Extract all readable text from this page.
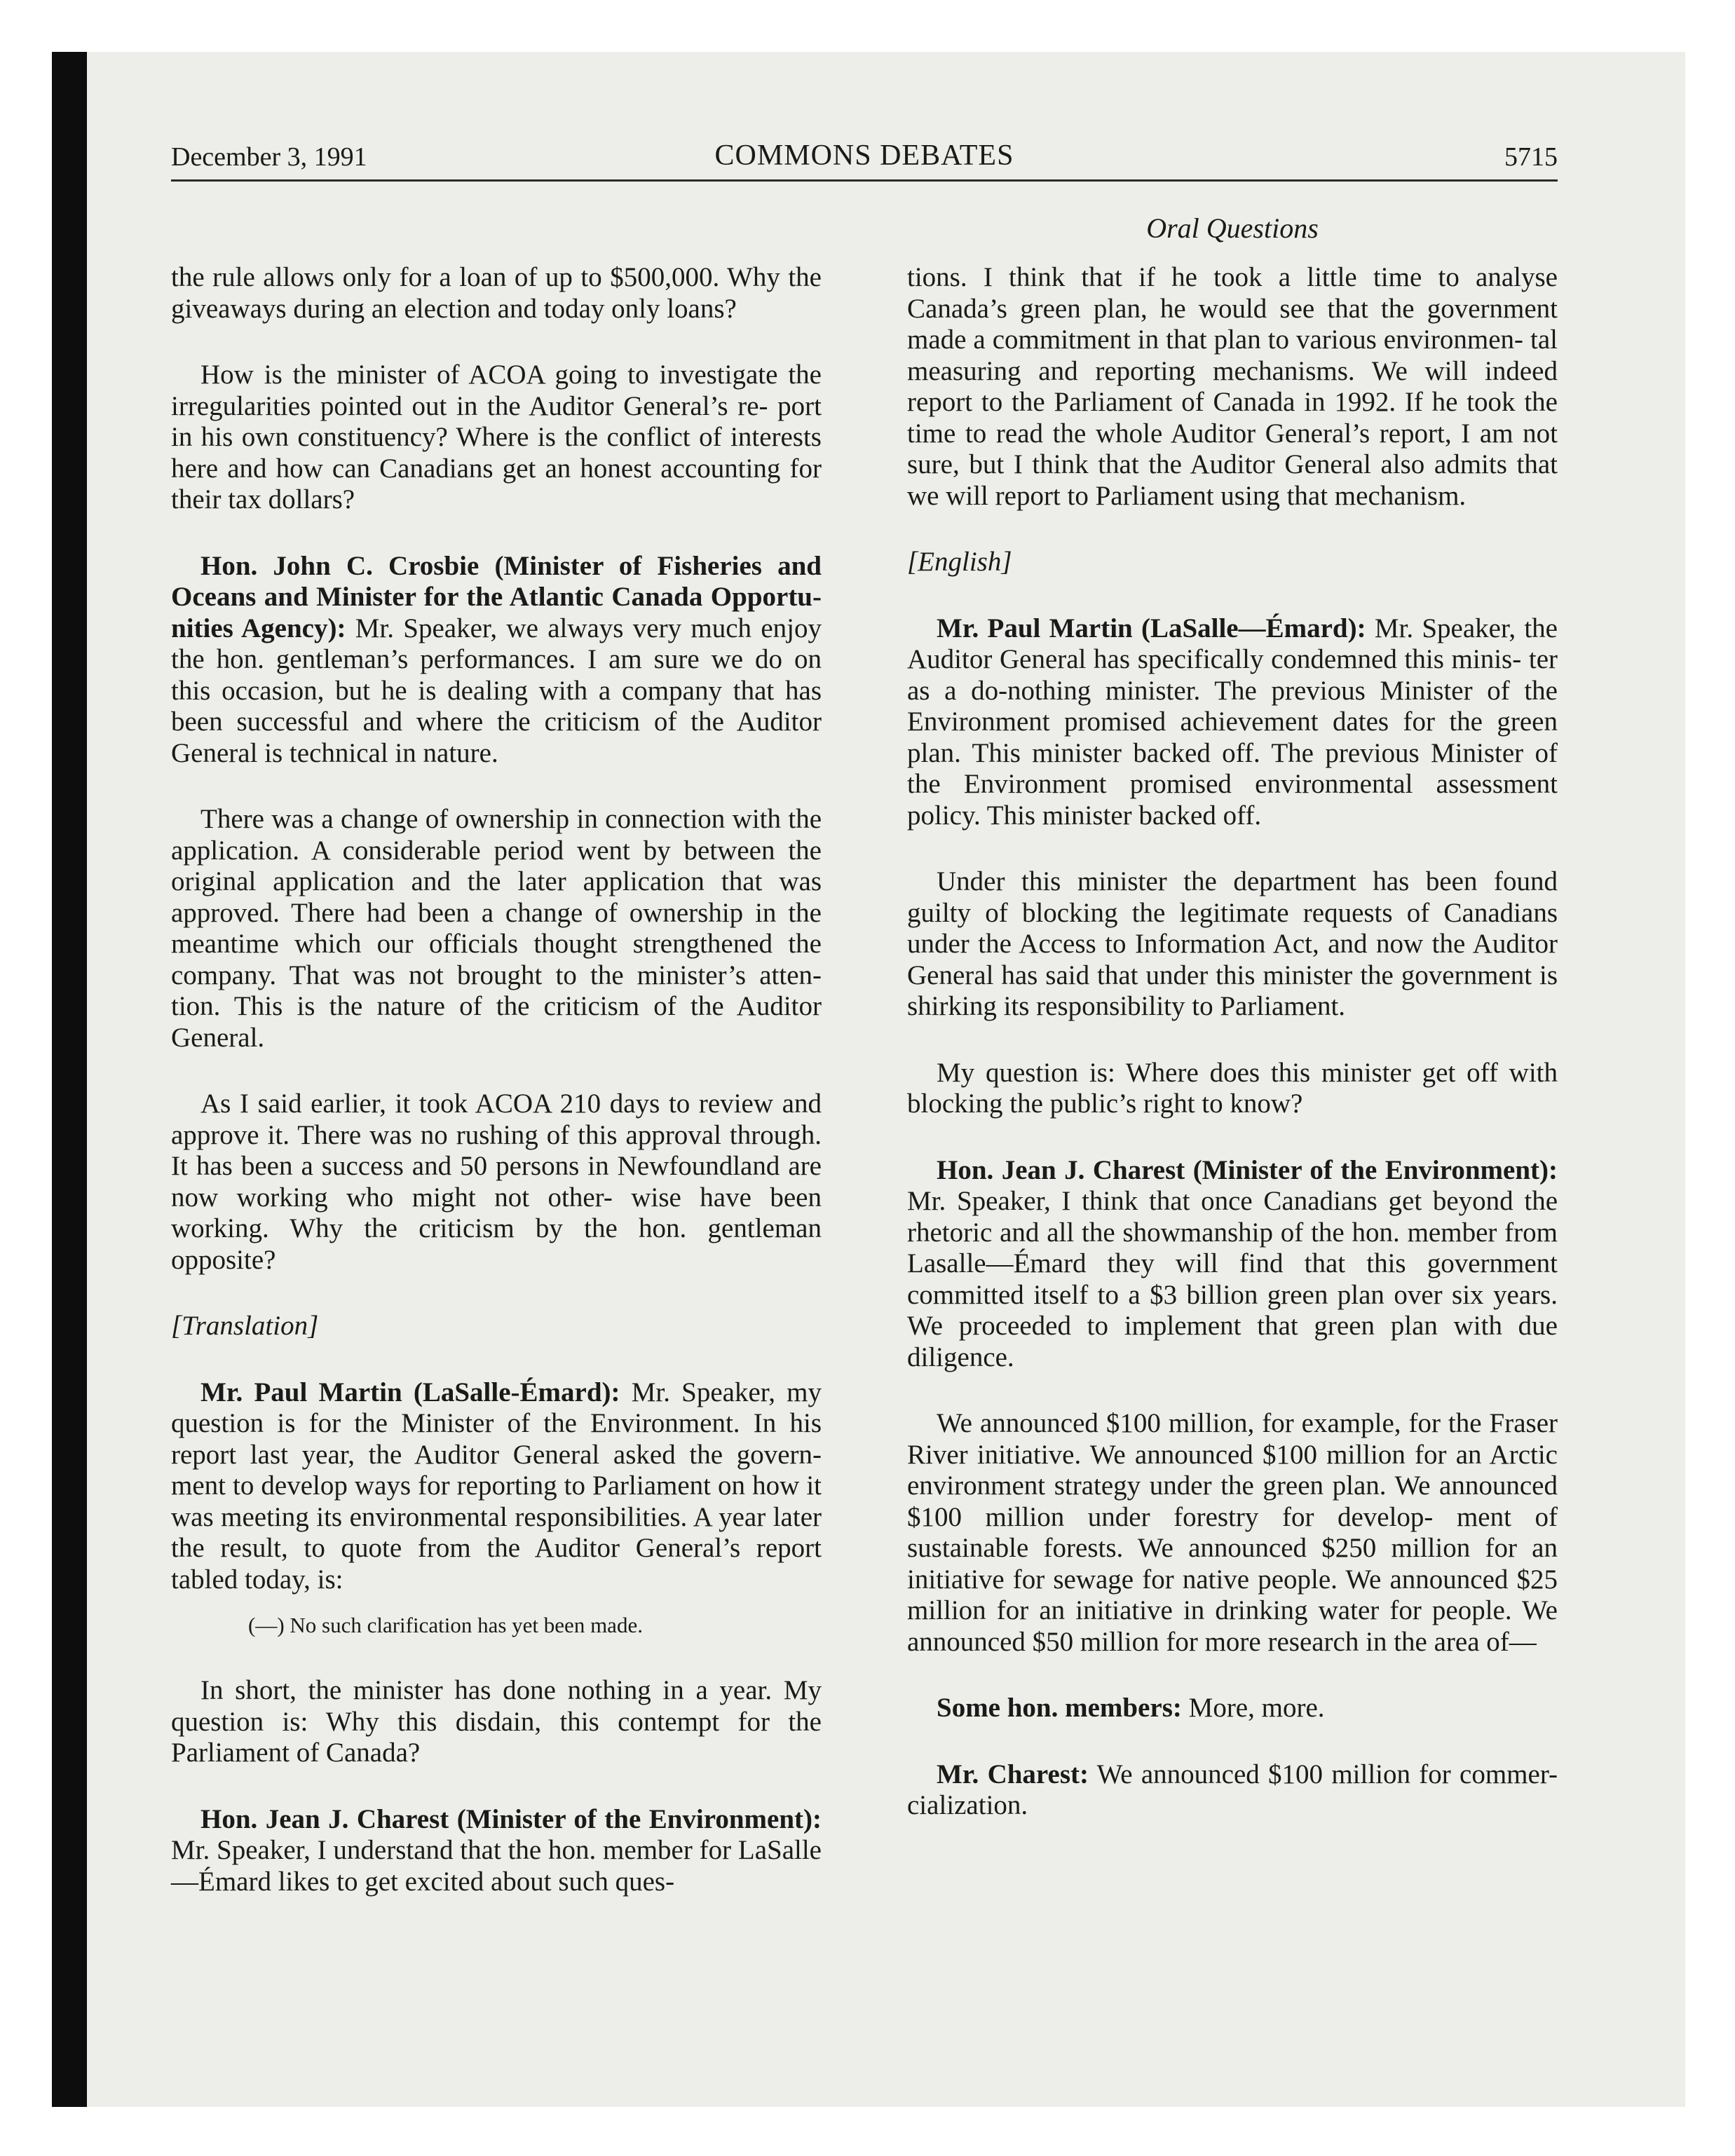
December 3, 1991	COMMONS DEBATES	5715
Oral Questions

the rule allows only for a loan of up to $500,000. Why the giveaways during an election and today only loans?

How is the minister of ACOA going to investigate the irregularities pointed out in the Auditor General’s re- port in his own constituency? Where is the conflict of interests here and how can Canadians get an honest accounting for their tax dollars?

Hon. John C. Crosbie (Minister of Fisheries and Oceans and Minister for the Atlantic Canada Opportu- nities Agency): Mr. Speaker, we always very much enjoy the hon. gentleman’s performances. I am sure we do on this occasion, but he is dealing with a company that has been successful and where the criticism of the Auditor General is technical in nature.

There was a change of ownership in connection with the application. A considerable period went by between the original application and the later application that was approved. There had been a change of ownership in the meantime which our officials thought strengthened the company. That was not brought to the minister’s atten- tion. This is the nature of the criticism of the Auditor General.

As I said earlier, it took ACOA 210 days to review and approve it. There was no rushing of this approval through. It has been a success and 50 persons in Newfoundland are now working who might not other- wise have been working. Why the criticism by the hon. gentleman opposite?

[Translation]

Mr. Paul Martin (LaSalle-Émard): Mr. Speaker, my question is for the Minister of the Environment. In his report last year, the Auditor General asked the govern- ment to develop ways for reporting to Parliament on how it was meeting its environmental responsibilities. A year later the result, to quote from the Auditor General’s report tabled today, is:

(—) No such clarification has yet been made.

In short, the minister has done nothing in a year. My question is: Why this disdain, this contempt for the Parliament of Canada?

Hon. Jean J. Charest (Minister of the Environment): Mr. Speaker, I understand that the hon. member for LaSalle—Émard likes to get excited about such ques-

tions. I think that if he took a little time to analyse Canada’s green plan, he would see that the government made a commitment in that plan to various environmen- tal measuring and reporting mechanisms. We will indeed report to the Parliament of Canada in 1992. If he took the time to read the whole Auditor General’s report, I am not sure, but I think that the Auditor General also admits that we will report to Parliament using that mechanism.

[English]

Mr. Paul Martin (LaSalle—Émard): Mr. Speaker, the Auditor General has specifically condemned this minis- ter as a do-nothing minister. The previous Minister of the Environment promised achievement dates for the green plan. This minister backed off. The previous Minister of the Environment promised environmental assessment policy. This minister backed off.

Under this minister the department has been found guilty of blocking the legitimate requests of Canadians under the Access to Information Act, and now the Auditor General has said that under this minister the government is shirking its responsibility to Parliament.

My question is: Where does this minister get off with blocking the public’s right to know?

Hon. Jean J. Charest (Minister of the Environment): Mr. Speaker, I think that once Canadians get beyond the rhetoric and all the showmanship of the hon. member from Lasalle—Émard they will find that this government committed itself to a $3 billion green plan over six years. We proceeded to implement that green plan with due diligence.

We announced $100 million, for example, for the Fraser River initiative. We announced $100 million for an Arctic environment strategy under the green plan. We announced $100 million under forestry for develop- ment of sustainable forests. We announced $250 million for an initiative for sewage for native people. We announced $25 million for an initiative in drinking water for people. We announced $50 million for more research in the area of—

Some hon. members: More, more.

Mr. Charest: We announced $100 million for commer- cialization.
